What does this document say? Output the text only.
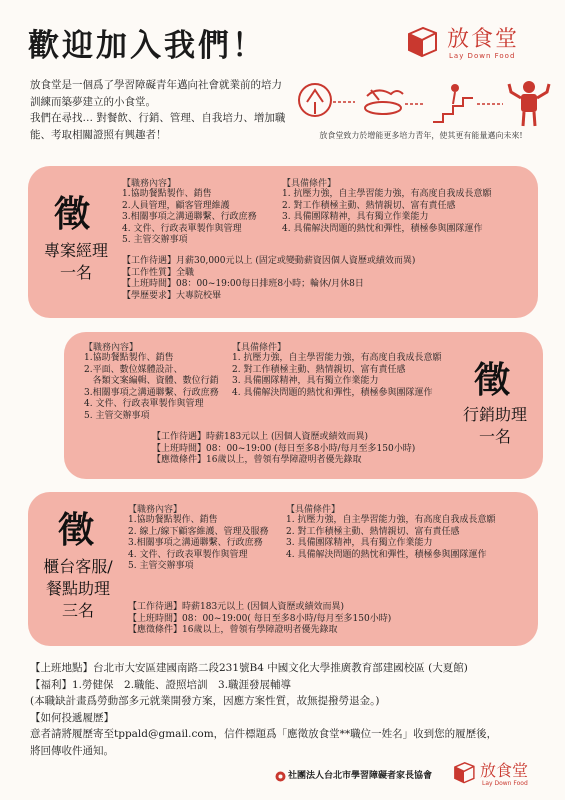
歡迎加入我們！	放食堂
Lay Down Food

放食堂是一個爲了學習障礙青年邁向社會就業前的培力訓練而築夢建立的小食堂。

我們在尋找… 對餐飲、行銷、管理、自我培力、增加職能、考取相關證照有興趣者！	放食堂致力於增能更多培力青年，使其更有能量邁向未來!
徵
專案經理
一名
【職務內容】
1.協助餐點製作、銷售
2.人員管理，顧客管理維護
3.相關事項之溝通聯繫、行政庶務
4. 文件、行政表單製作與管理
5. 主管交辦事項
【具備條件】
1. 抗壓力強，自主學習能力強，有高度自我成長意願
2. 對工作積極主動、熱情親切、富有責任感
3. 具備團隊精神，具有獨立作業能力
4. 具備解決問題的熱忱和彈性，積極參與團隊運作
【工作待遇】月薪30,000元以上 (固定或變動薪資因個人資歷或績效而異)
【工作性質】全職
【上班時間】08：00~19:00每日排班8小時；輪休/月休8日
【學歷要求】大專院校畢
【職務內容】
1.協助餐點製作、銷售
2.平面、數位媒體設計、
各類文案編輯、資體、數位行銷
3.相關事項之溝通聯繫、行政庶務
4. 文件、行政表單製作與管理
5. 主管交辦事項
【具備條件】
1. 抗壓力強，自主學習能力強，有高度自我成長意願
2. 對工作積極主動、熱情親切、富有責任感
3. 具備團隊精神，具有獨立作業能力
4. 具備解決問題的熱忱和彈性，積極參與團隊運作	徵
行銷助理
一名
【工作待遇】時薪183元以上 (因個人資歷或績效而異)
【上班時間】08：00~19:00 (每日至多8小時/每月至多150小時)
【應徵條件】16歲以上，曾領有學障證明者優先錄取
徵
櫃台客服/
餐點助理
三名
【職務內容】
1.協助餐點製作、銷售
2. 線上/線下顧客維護、管理及服務
3.相關事項之溝通聯繫、行政庶務
4. 文件、行政表單製作與管理
5. 主管交辦事項
【具備條件】
1. 抗壓力強，自主學習能力強，有高度自我成長意願
2. 對工作積極主動、熱情親切、富有責任感
3. 具備團隊精神，具有獨立作業能力
4. 具備解決問題的熱忱和彈性，積極參與團隊運作
【工作待遇】時薪183元以上 (因個人資歷或績效而異)
【上班時間】08：00~19:00( 每日至多8小時/每月至多150小時)
【應徵條件】16歲以上，曾領有學障證明者優先錄取
【上班地點】台北市大安區建國南路二段231號B4 中國文化大學推廣教育部建國校區 (大夏館)
【福利】1.勞健保　2.職能、證照培訓　3.職涯發展輔導
(本職缺計畫爲勞動部多元就業開發方案，因應方案性質，故無提撥勞退金。)
【如何投遞履歷】
意者請將履歷寄至tppald@gmail.com，信件標題爲「應徵放食堂**職位一姓名」收到您的履歷後，
將回傳收件通知。
社團法人台北市學習障礙者家長協會	放食堂
Lay Down Food
